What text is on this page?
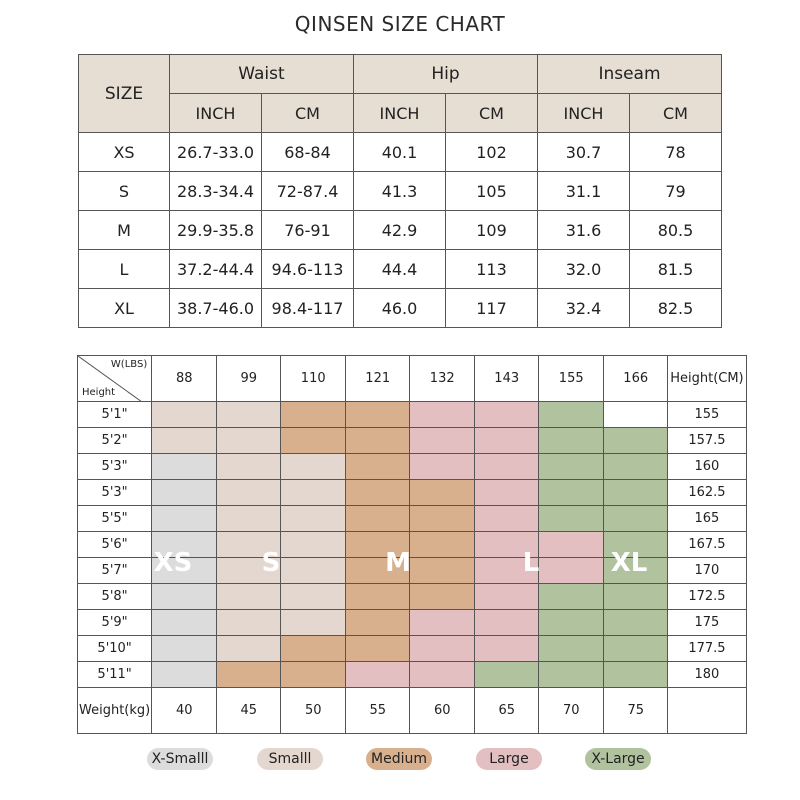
QINSEN SIZE CHART
SIZE	Waist		Hip		Inseam	
	INCH	CM	INCH	CM	INCH	CM
XS	26.7-33.0	68-84	40.1	102	30.7	78
S	28.3-34.4	72-87.4	41.3	105	31.1	79
M	29.9-35.8	76-91	42.9	109	31.6	80.5
L	37.2-44.4	94.6-113	44.4	113	32.0	81.5
XL	38.7-46.0	98.4-117	46.0	117	32.4	82.5
W(LBS)
Height	88	99	110	121	132	143	155	166	Height(CM)
5'1"									155
5'2"									157.5
5'3"									160
5'3"									162.5
5'5"									165
5'6"									167.5
5'7"									170
5'8"									172.5
5'9"									175
5'10"									177.5
5'11"									180
Weight(kg)	40	45	50	55	60	65	70	75	
XS	S	M	L	XL
X-Smalll	Smalll	Medium	Large	X-Large
